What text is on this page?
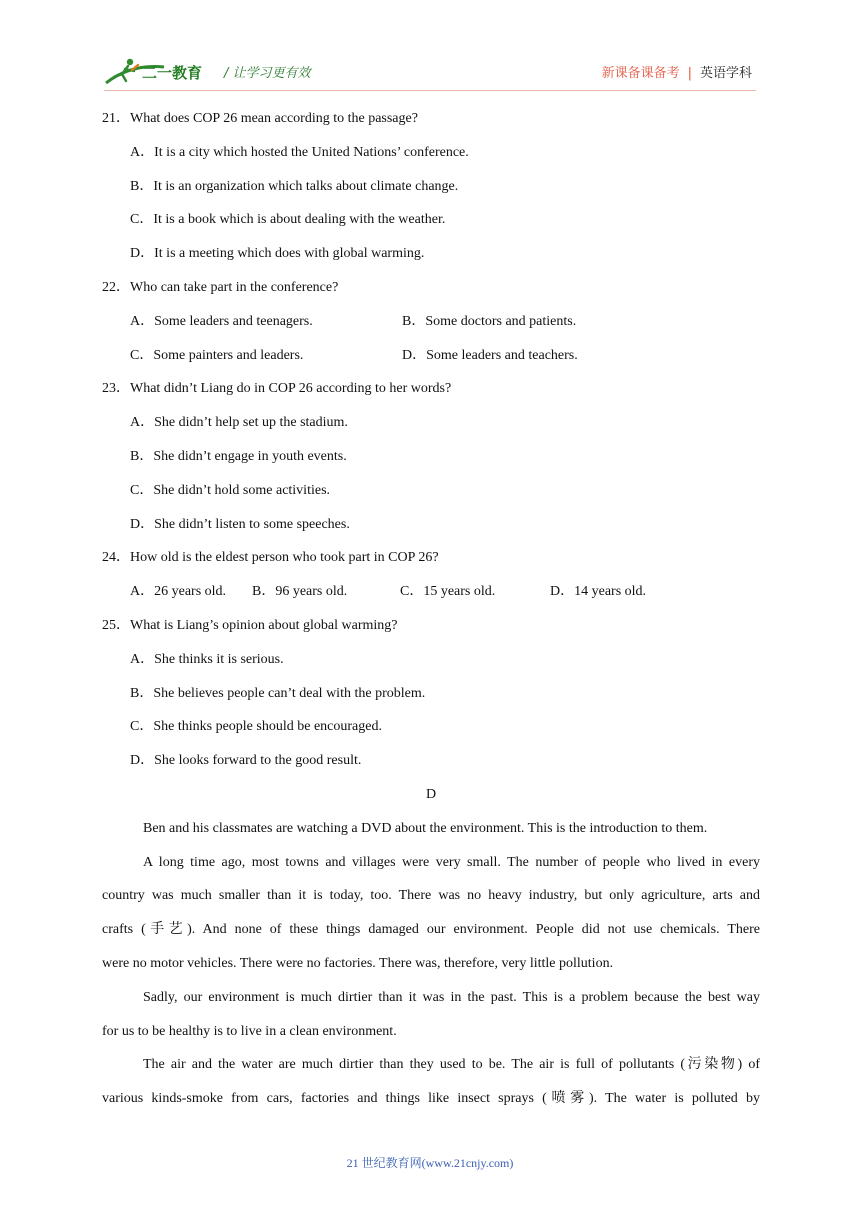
二一教育 / 让学习更有效	新课备课备考 | 英语学科
21．What does COP 26 mean according to the passage?
A．It is a city which hosted the United Nations’ conference.
B．It is an organization which talks about climate change.
C．It is a book which is about dealing with the weather.
D．It is a meeting which does with global warming.
22．Who can take part in the conference?
A．Some leaders and teenagers.	B．Some doctors and patients.
C．Some painters and leaders.	D．Some leaders and teachers.
23．What didn’t Liang do in COP 26 according to her words?
A．She didn’t help set up the stadium.
B．She didn’t engage in youth events.
C．She didn’t hold some activities.
D．She didn’t listen to some speeches.
24．How old is the eldest person who took part in COP 26?
A．26 years old.	B．96 years old.	C．15 years old.	D．14 years old.
25．What is Liang’s opinion about global warming?
A．She thinks it is serious.
B．She believes people can’t deal with the problem.
C．She thinks people should be encouraged.
D．She looks forward to the good result.
D
Ben and his classmates are watching a DVD about the environment. This is the introduction to them.
A long time ago, most towns and villages were very small. The number of people who lived in every
country was much smaller than it is today, too. There was no heavy industry, but only agriculture, arts and
crafts (手艺). And none of these things damaged our environment. People did not use chemicals. There
were no motor vehicles. There were no factories. There was, therefore, very little pollution.
Sadly, our environment is much dirtier than it was in the past. This is a problem because the best way
for us to be healthy is to live in a clean environment.
The air and the water are much dirtier than they used to be. The air is full of pollutants (污染物) of
various kinds-smoke from cars, factories and things like insect sprays (喷雾). The water is polluted by
21 世纪教育网(www.21cnjy.com)
